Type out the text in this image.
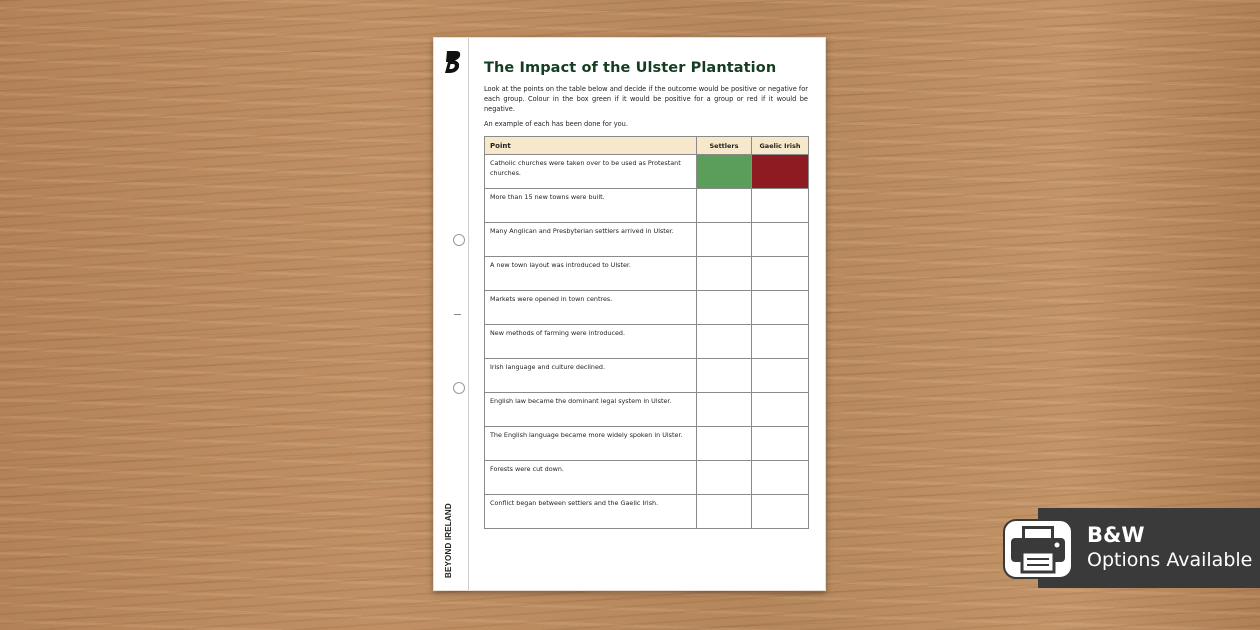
BEYOND IRELAND
The Impact of the Ulster Plantation

Look at the points on the table below and decide if the outcome would be positive or negative for each group. Colour in the box green if it would be positive for a group or red if it would be negative.

An example of each has been done for you.

Point	Settlers	Gaelic Irish
Catholic churches were taken over to be used as Protestant churches.		
More than 15 new towns were built.		
Many Anglican and Presbyterian settlers arrived in Ulster.		
A new town layout was introduced to Ulster.		
Markets were opened in town centres.		
New methods of farming were introduced.		
Irish language and culture declined.		
English law became the dominant legal system in Ulster.		
The English language became more widely spoken in Ulster.		
Forests were cut down.		
Conflict began between settlers and the Gaelic Irish.		
B&W
Options Available
